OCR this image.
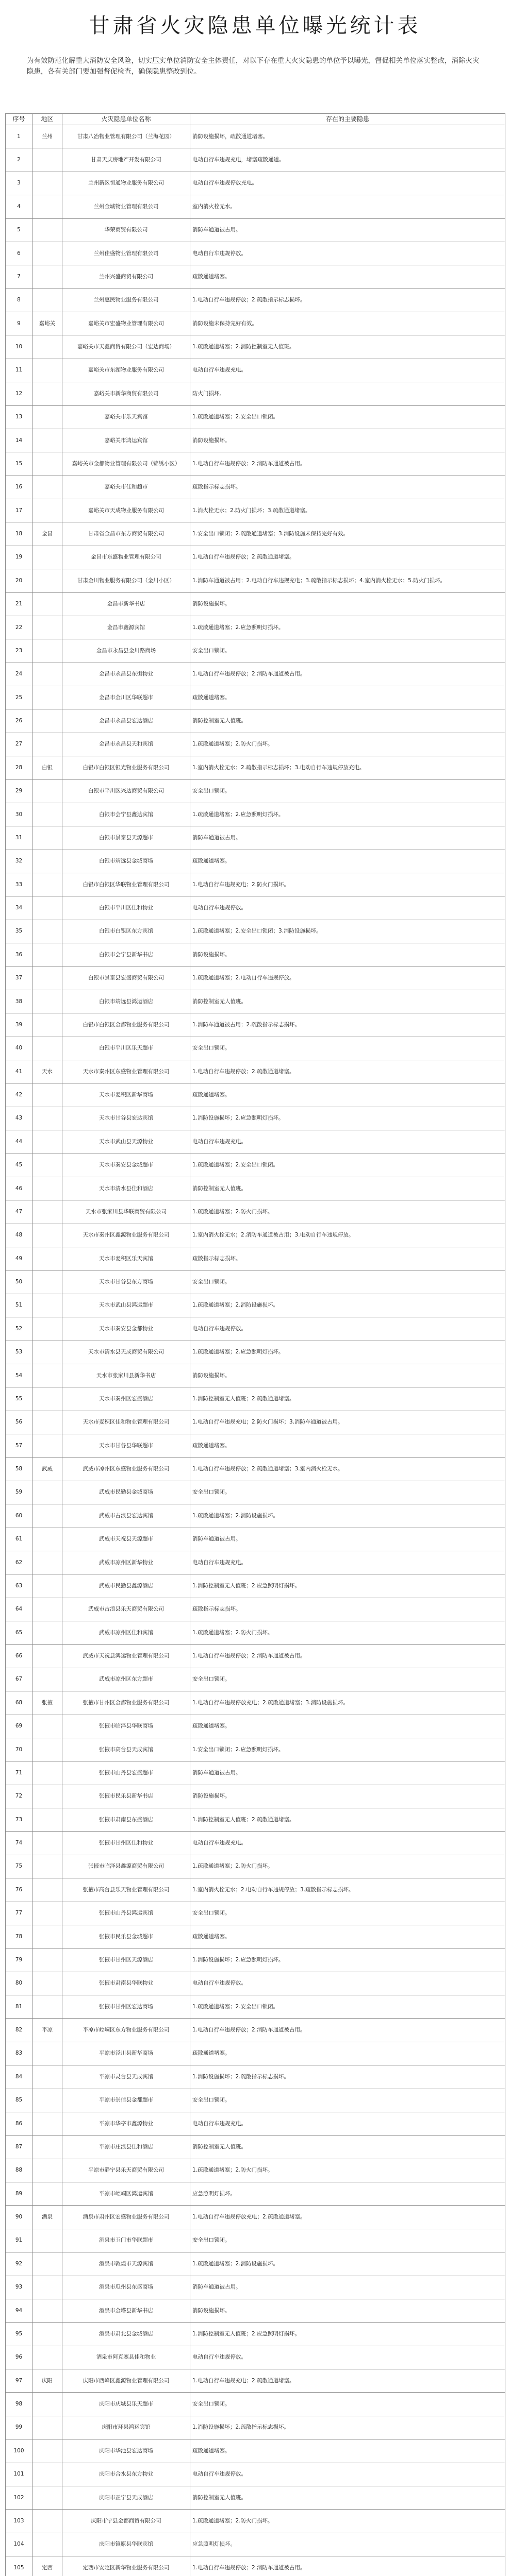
甘肃省火灾隐患单位曝光统计表
为有效防范化解重大消防安全风险，切实压实单位消防安全主体责任，对以下存在重大火灾隐患的单位予以曝光，督促相关单位落实整改，消除火灾隐患，各有关部门要加强督促检查，确保隐患整改到位。
序号	地区	火灾隐患单位名称	存在的主要隐患
1	兰州	甘肃八冶物业管理有限公司（兰海花园）	消防设施损坏，疏散通道堵塞。
2		甘肃天庆房地产开发有限公司	电动自行车违规充电，堵塞疏散通道。
3		兰州新区恒通物业服务有限公司	电动自行车违规停放充电。
4		兰州金城物业管理有限公司	室内消火栓无水。
5		华荣商贸有限公司	消防车通道被占用。
6		兰州佳盛物业管理有限公司	电动自行车违规停放。
7		兰州兴盛商贸有限公司	疏散通道堵塞。
8		兰州惠民物业服务有限公司	1.电动自行车违规停放；2.疏散指示标志损坏。
9	嘉峪关	嘉峪关市宏盛物业管理有限公司	消防设施未保持完好有效。
10		嘉峪关市天鑫商贸有限公司（宏达商场）	1.疏散通道堵塞；2.消防控制室无人值班。
11		嘉峪关市东湖物业服务有限公司	电动自行车违规充电。
12		嘉峪关市新华商贸有限公司	防火门损坏。
13		嘉峪关市乐天宾馆	1.疏散通道堵塞；2.安全出口锁闭。
14		嘉峪关市鸿运宾馆	消防设施损坏。
15		嘉峪关市金都物业管理有限公司（锦绣小区）	1.电动自行车违规停放；2.消防车通道被占用。
16		嘉峪关市佳和超市	疏散指示标志损坏。
17		嘉峪关市天成物业服务有限公司	1.消火栓无水；2.防火门损坏；3.疏散通道堵塞。
18	金昌	甘肃省金昌市东方商贸有限公司	1.安全出口锁闭；2.疏散通道堵塞；3.消防设施未保持完好有效。
19		金昌市东盛物业管理有限公司	1.电动自行车违规停放；2.疏散通道堵塞。
20		甘肃金川物业服务有限公司（金川小区）	1.消防车通道被占用；2.电动自行车违规充电；3.疏散指示标志损坏；4.室内消火栓无水；5.防火门损坏。
21		金昌市新华书店	消防设施损坏。
22		金昌市鑫源宾馆	1.疏散通道堵塞；2.应急照明灯损坏。
23		金昌市永昌县金川路商场	安全出口锁闭。
24		金昌市永昌县东街物业	1.电动自行车违规停放；2.消防车通道被占用。
25		金昌市金川区华联超市	疏散通道堵塞。
26		金昌市永昌县宏达酒店	消防控制室无人值班。
27		金昌市永昌县天和宾馆	1.疏散通道堵塞；2.防火门损坏。
28	白银	白银市白银区银光物业服务有限公司	1.室内消火栓无水；2.疏散指示标志损坏；3.电动自行车违规停放充电。
29		白银市平川区兴达商贸有限公司	安全出口锁闭。
30		白银市会宁县鑫达宾馆	1.疏散通道堵塞；2.应急照明灯损坏。
31		白银市景泰县天源超市	消防车通道被占用。
32		白银市靖远县金城商场	疏散通道堵塞。
33		白银市白银区华联物业管理有限公司	1.电动自行车违规充电；2.防火门损坏。
34		白银市平川区佳和物业	电动自行车违规停放。
35		白银市白银区东方宾馆	1.疏散通道堵塞；2.安全出口锁闭；3.消防设施损坏。
36		白银市会宁县新华书店	消防设施损坏。
37		白银市景泰县宏盛商贸有限公司	1.疏散通道堵塞；2.电动自行车违规停放。
38		白银市靖远县鸿运酒店	消防控制室无人值班。
39		白银市白银区金都物业服务有限公司	1.消防车通道被占用；2.疏散指示标志损坏。
40		白银市平川区乐天超市	安全出口锁闭。
41	天水	天水市秦州区东盛物业管理有限公司	1.电动自行车违规停放；2.疏散通道堵塞。
42		天水市麦积区新华商场	疏散通道堵塞。
43		天水市甘谷县宏达宾馆	1.消防设施损坏；2.应急照明灯损坏。
44		天水市武山县天源物业	电动自行车违规充电。
45		天水市秦安县金城超市	1.疏散通道堵塞；2.安全出口锁闭。
46		天水市清水县佳和酒店	消防控制室无人值班。
47		天水市张家川县华联商贸有限公司	1.疏散通道堵塞；2.防火门损坏。
48		天水市秦州区鑫源物业服务有限公司	1.室内消火栓无水；2.消防车通道被占用；3.电动自行车违规停放。
49		天水市麦积区乐天宾馆	疏散指示标志损坏。
50		天水市甘谷县东方商场	安全出口锁闭。
51		天水市武山县鸿运超市	1.疏散通道堵塞；2.消防设施损坏。
52		天水市秦安县金都物业	电动自行车违规停放。
53		天水市清水县天成商贸有限公司	1.疏散通道堵塞；2.应急照明灯损坏。
54		天水市张家川县新华书店	消防设施损坏。
55		天水市秦州区宏盛酒店	1.消防控制室无人值班；2.疏散通道堵塞。
56		天水市麦积区佳和物业管理有限公司	1.电动自行车违规充电；2.防火门损坏；3.消防车通道被占用。
57		天水市甘谷县华联超市	疏散通道堵塞。
58	武威	武威市凉州区东盛物业服务有限公司	1.电动自行车违规停放；2.疏散通道堵塞；3.室内消火栓无水。
59		武威市民勤县金城商场	安全出口锁闭。
60		武威市古浪县宏达宾馆	1.疏散通道堵塞；2.消防设施损坏。
61		武威市天祝县天源超市	消防车通道被占用。
62		武威市凉州区新华物业	电动自行车违规充电。
63		武威市民勤县鑫源酒店	1.消防控制室无人值班；2.应急照明灯损坏。
64		武威市古浪县乐天商贸有限公司	疏散指示标志损坏。
65		武威市凉州区佳和宾馆	1.疏散通道堵塞；2.防火门损坏。
66		武威市天祝县鸿运物业管理有限公司	1.电动自行车违规停放；2.消防车通道被占用。
67		武威市凉州区东方超市	安全出口锁闭。
68	张掖	张掖市甘州区金都物业服务有限公司	1.电动自行车违规停放充电；2.疏散通道堵塞；3.消防设施损坏。
69		张掖市临泽县华联商场	疏散通道堵塞。
70		张掖市高台县天成宾馆	1.安全出口锁闭；2.应急照明灯损坏。
71		张掖市山丹县宏盛超市	消防车通道被占用。
72		张掖市民乐县新华书店	消防设施损坏。
73		张掖市肃南县东盛酒店	1.消防控制室无人值班；2.疏散通道堵塞。
74		张掖市甘州区佳和物业	电动自行车违规充电。
75		张掖市临泽县鑫源商贸有限公司	1.疏散通道堵塞；2.防火门损坏。
76		张掖市高台县乐天物业管理有限公司	1.室内消火栓无水；2.电动自行车违规停放；3.疏散指示标志损坏。
77		张掖市山丹县鸿运宾馆	安全出口锁闭。
78		张掖市民乐县金城超市	疏散通道堵塞。
79		张掖市甘州区天源酒店	1.消防设施损坏；2.应急照明灯损坏。
80		张掖市肃南县华联物业	电动自行车违规停放。
81		张掖市甘州区宏达商场	1.疏散通道堵塞；2.安全出口锁闭。
82	平凉	平凉市崆峒区东方物业服务有限公司	1.电动自行车违规停放；2.消防车通道被占用。
83		平凉市泾川县新华商场	疏散通道堵塞。
84		平凉市灵台县天成宾馆	1.消防设施损坏；2.疏散指示标志损坏。
85		平凉市崇信县金都超市	安全出口锁闭。
86		平凉市华亭市鑫源物业	电动自行车违规充电。
87		平凉市庄浪县佳和酒店	消防控制室无人值班。
88		平凉市静宁县乐天商贸有限公司	1.疏散通道堵塞；2.防火门损坏。
89		平凉市崆峒区鸿运宾馆	应急照明灯损坏。
90	酒泉	酒泉市肃州区宏盛物业服务有限公司	1.电动自行车违规停放充电；2.疏散通道堵塞。
91		酒泉市玉门市华联超市	安全出口锁闭。
92		酒泉市敦煌市天源宾馆	1.疏散通道堵塞；2.消防设施损坏。
93		酒泉市瓜州县东盛商场	消防车通道被占用。
94		酒泉市金塔县新华书店	消防设施损坏。
95		酒泉市肃北县金城酒店	1.消防控制室无人值班；2.应急照明灯损坏。
96		酒泉市阿克塞县佳和物业	电动自行车违规停放。
97	庆阳	庆阳市西峰区鑫源物业管理有限公司	1.电动自行车违规充电；2.疏散通道堵塞。
98		庆阳市庆城县乐天超市	安全出口锁闭。
99		庆阳市环县鸿运宾馆	1.消防设施损坏；2.疏散指示标志损坏。
100		庆阳市华池县宏达商场	疏散通道堵塞。
101		庆阳市合水县东方物业	电动自行车违规停放。
102		庆阳市正宁县天成酒店	消防控制室无人值班。
103		庆阳市宁县金都商贸有限公司	1.疏散通道堵塞；2.防火门损坏。
104		庆阳市镇原县华联宾馆	应急照明灯损坏。
105	定西	定西市安定区新华物业服务有限公司	1.电动自行车违规停放；2.消防车通道被占用。
